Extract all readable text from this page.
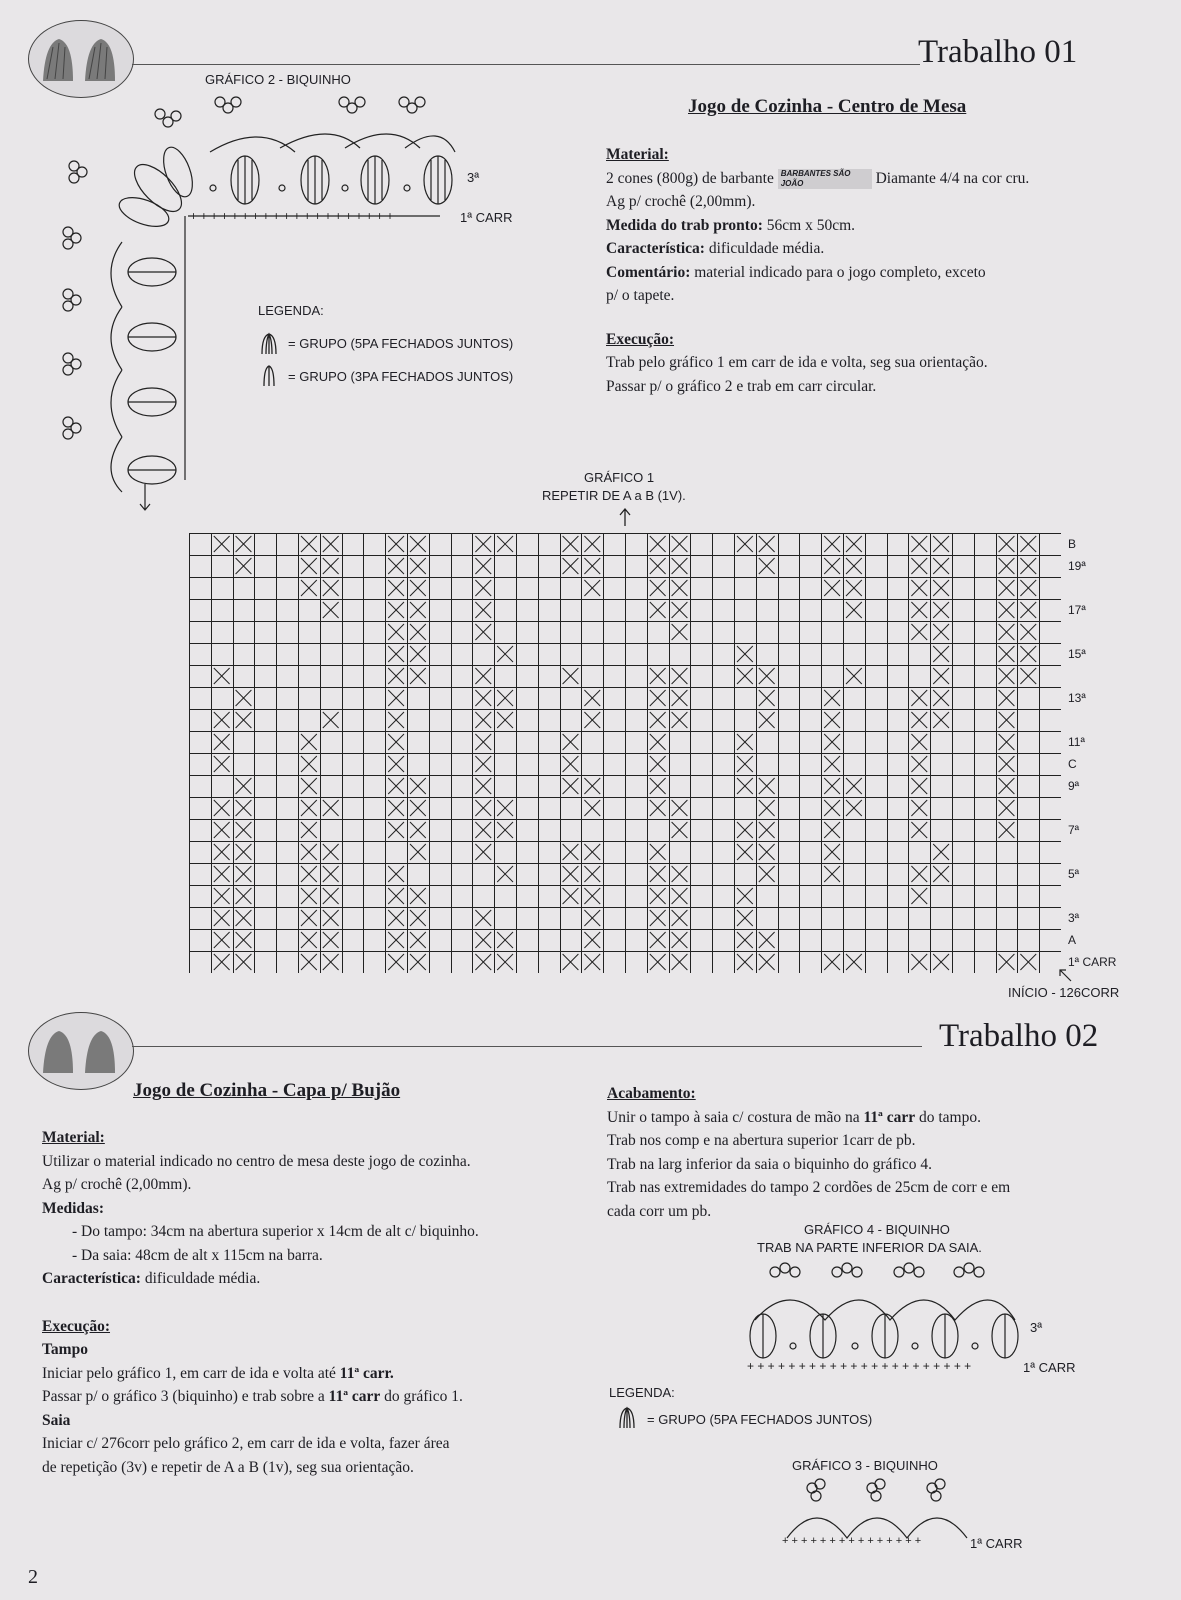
Trabalho 01
GRÁFICO 2 - BIQUINHO
+ + + + + + + + + + + + + + + + + + + +
3ª
1ª CARR
LEGENDA:
= GRUPO (5PA FECHADOS JUNTOS)
= GRUPO (3PA FECHADOS JUNTOS)
Jogo de Cozinha - Centro de Mesa
Material:
2 cones (800g) de barbante BARBANTES SÃO JOÃO	Diamante 4/4 na cor cru.
Ag p/ crochê (2,00mm).
Medida do trab pronto: 56cm x 50cm.
Característica: dificuldade média.
Comentário: material indicado para o jogo completo, exceto
p/ o tapete.
Execução:
Trab pelo gráfico 1 em carr de ida e volta, seg sua orientação.
Passar p/ o gráfico 2 e trab em carr circular.
GRÁFICO 1
REPETIR DE A a B (1V).
B
19ª
17ª
15ª
13ª
11ª
C
9ª
7ª
5ª
3ª
A
1ª CARR
INÍCIO - 126CORR
Trabalho 02
Jogo de Cozinha - Capa p/ Bujão
Material:
Utilizar o material indicado no centro de mesa deste jogo de cozinha.
Ag p/ crochê (2,00mm).
Medidas:
- Do tampo: 34cm na abertura superior x 14cm de alt c/ biquinho.
- Da saia: 48cm de alt x 115cm na barra.
Característica: dificuldade média.
Execução:
Tampo
Iniciar pelo gráfico 1, em carr de ida e volta até 11ª carr.
Passar p/ o gráfico 3 (biquinho) e trab sobre a 11ª carr do gráfico 1.
Saia
Iniciar c/ 276corr pelo gráfico 2, em carr de ida e volta, fazer área
de repetição (3v) e repetir de A a B (1v), seg sua orientação.
Acabamento:
Unir o tampo à saia c/ costura de mão na 11ª carr do tampo.
Trab nos comp e na abertura superior 1carr de pb.
Trab na larg inferior da saia o biquinho do gráfico 4.
Trab nas extremidades do tampo 2 cordões de 25cm de corr e em
cada corr um pb.
GRÁFICO 4 - BIQUINHO
TRAB NA PARTE INFERIOR DA SAIA.
+ + + + + + + + + + + + + + + + + + + + + +
3ª
1ª CARR
LEGENDA:
= GRUPO (5PA FECHADOS JUNTOS)
GRÁFICO 3 - BIQUINHO
+ + + + + + + + + + + + + + +	1ª CARR
2
